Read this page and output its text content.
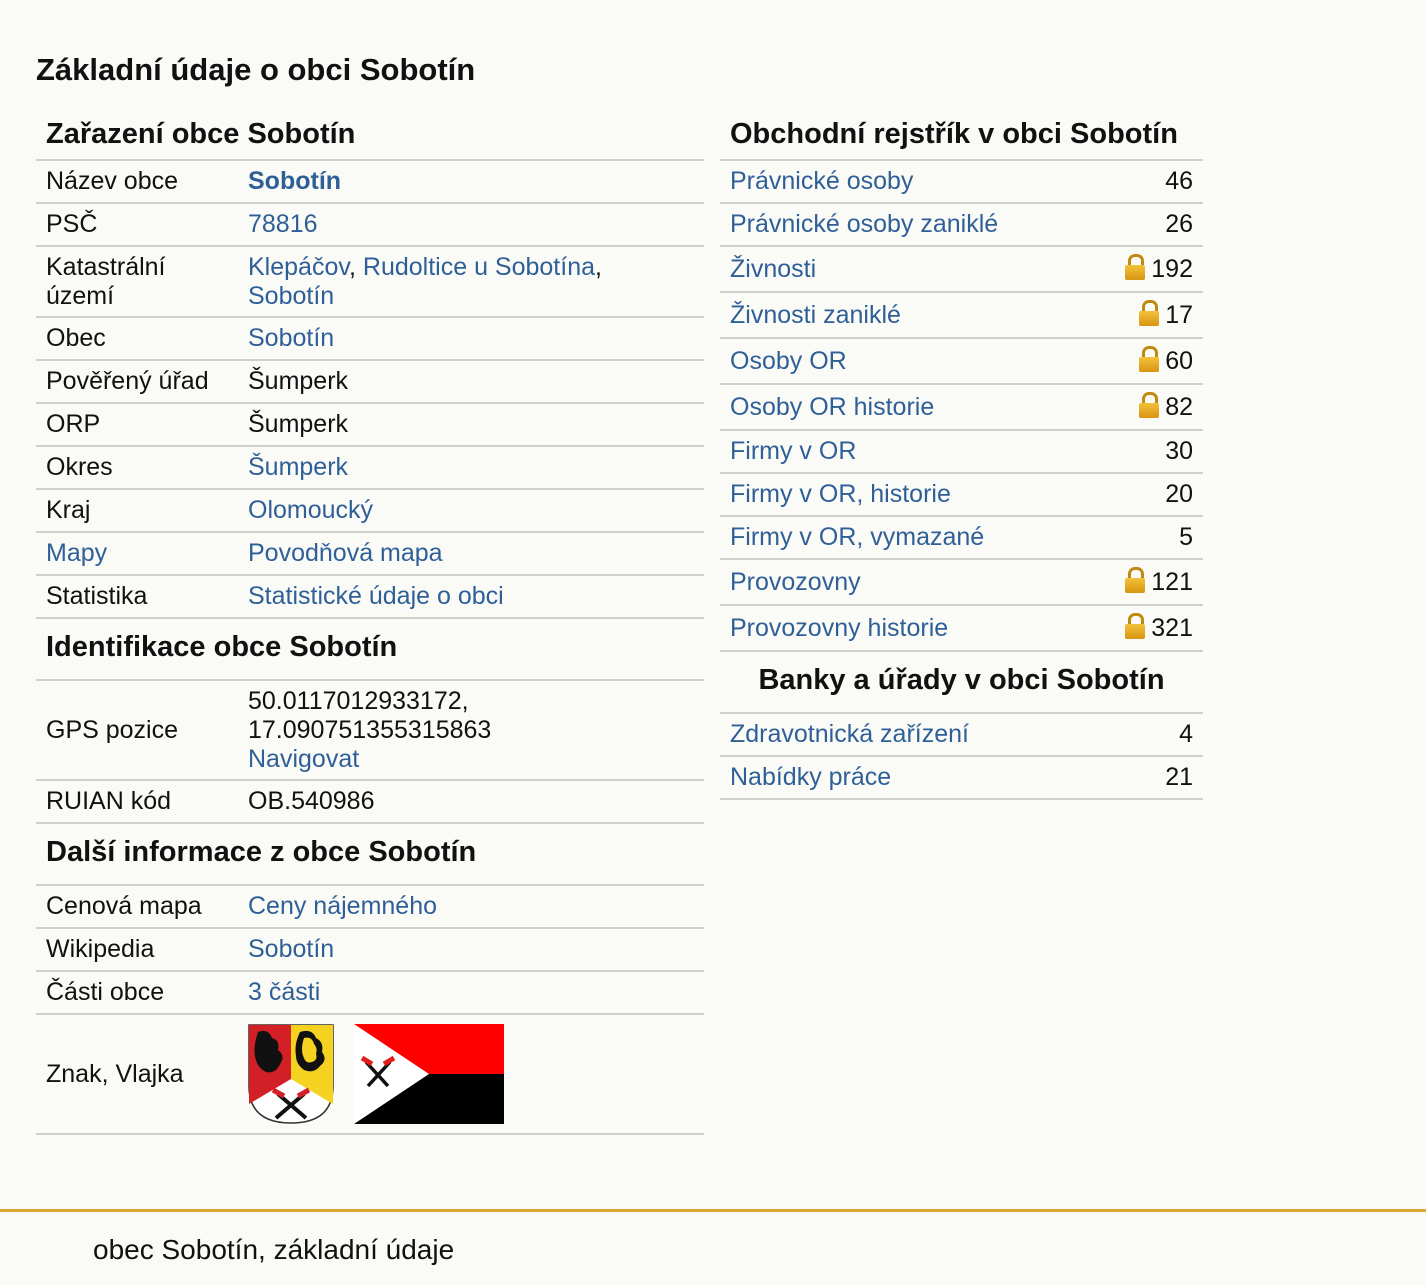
Základní údaje o obci Sobotín
Zařazení obce Sobotín
Název obce	Sobotín
PSČ	78816
Katastrální území	Klepáčov, Rudoltice u Sobotína,
Sobotín
Obec	Sobotín
Pověřený úřad	Šumperk
ORP	Šumperk
Okres	Šumperk
Kraj	Olomoucký
Mapy	Povodňová mapa
Statistika	Statistické údaje o obci
Identifikace obce Sobotín
GPS pozice	50.0117012933172,
17.090751355315863
Navigovat
RUIAN kód	OB.540986
Další informace z obce Sobotín
Cenová mapa	Ceny nájemného
Wikipedia	Sobotín
Části obce	3 části
Znak, Vlajka	
Obchodní rejstřík v obci Sobotín
Právnické osoby	46
Právnické osoby zaniklé	26
Živnosti	192
Živnosti zaniklé	17
Osoby OR	60
Osoby OR historie	82
Firmy v OR	30
Firmy v OR, historie	20
Firmy v OR, vymazané	5
Provozovny	121
Provozovny historie	321
Banky a úřady v obci Sobotín
Zdravotnická zařízení	4
Nabídky práce	21
obec Sobotín, základní údaje
